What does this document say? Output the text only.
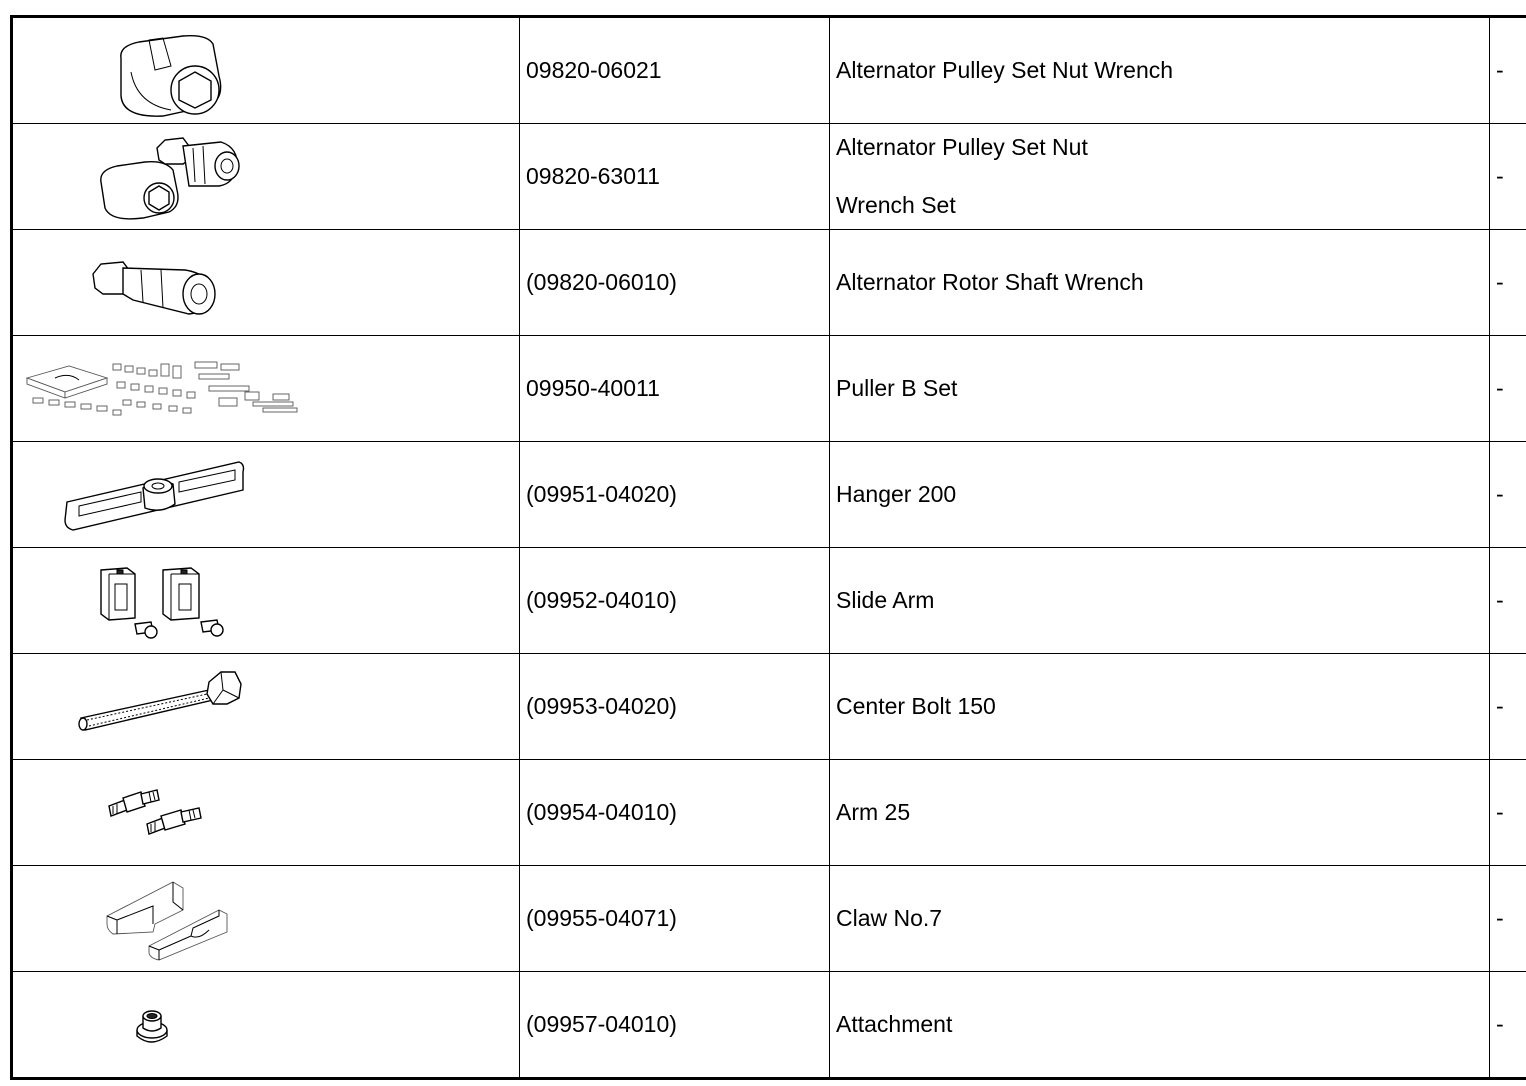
	09820-06021	Alternator Pulley Set Nut Wrench	-

	09820-63011	Alternator Pulley Set Nut
Wrench Set	-

	(09820-06010)	Alternator Rotor Shaft Wrench	-

	09950-40011	Puller B Set	-

	(09951-04020)	Hanger 200	-

	(09952-04010)	Slide Arm	-

	(09953-04020)	Center Bolt 150	-

	(09954-04010)	Arm 25	-

	(09955-04071)	Claw No.7	-

	(09957-04010)	Attachment	-
